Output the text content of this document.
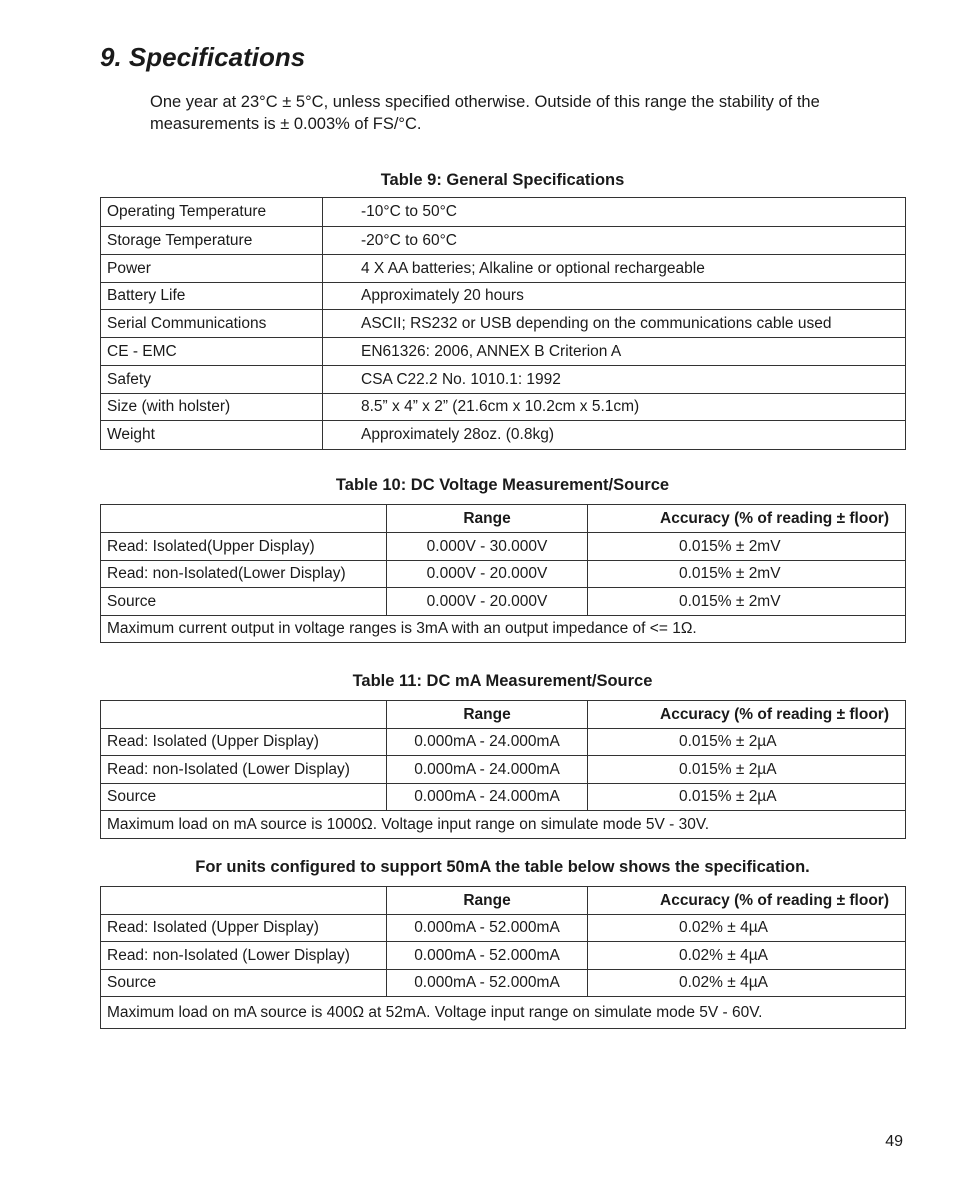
9. Specifications

One year at 23°C ± 5°C, unless specified otherwise. Outside of this range the stability of the measurements is ± 0.003% of FS/°C.

Table 9: General Specifications

Operating Temperature	-10°C to 50°C
Storage Temperature	-20°C to 60°C
Power	4 X AA batteries; Alkaline or optional rechargeable
Battery Life	Approximately 20 hours
Serial Communications	ASCII; RS232 or USB depending on the communications cable used
CE - EMC	EN61326: 2006, ANNEX B Criterion A
Safety	CSA C22.2 No. 1010.1: 1992
Size (with holster)	8.5” x 4” x 2” (21.6cm x 10.2cm x 5.1cm)
Weight	Approximately 28oz. (0.8kg)

Table 10: DC Voltage Measurement/Source

	Range	Accuracy (% of reading ± floor)
Read: Isolated(Upper Display)	0.000V - 30.000V	0.015% ± 2mV
Read: non-Isolated(Lower Display)	0.000V - 20.000V	0.015% ± 2mV
Source	0.000V - 20.000V	0.015% ± 2mV
Maximum current output in voltage ranges is 3mA with an output impedance of <= 1Ω.		

Table 11: DC mA Measurement/Source

	Range	Accuracy (% of reading ± floor)
Read: Isolated (Upper Display)	0.000mA - 24.000mA	0.015% ± 2µA
Read: non-Isolated (Lower Display)	0.000mA - 24.000mA	0.015% ± 2µA
Source	0.000mA - 24.000mA	0.015% ± 2µA
Maximum load on mA source is 1000Ω. Voltage input range on simulate mode 5V - 30V.		

For units configured to support 50mA the table below shows the specification.

	Range	Accuracy (% of reading ± floor)
Read: Isolated (Upper Display)	0.000mA - 52.000mA	0.02% ± 4µA
Read: non-Isolated (Lower Display)	0.000mA - 52.000mA	0.02% ± 4µA
Source	0.000mA - 52.000mA	0.02% ± 4µA
Maximum load on mA source is 400Ω at 52mA. Voltage input range on simulate mode 5V - 60V.		
49
